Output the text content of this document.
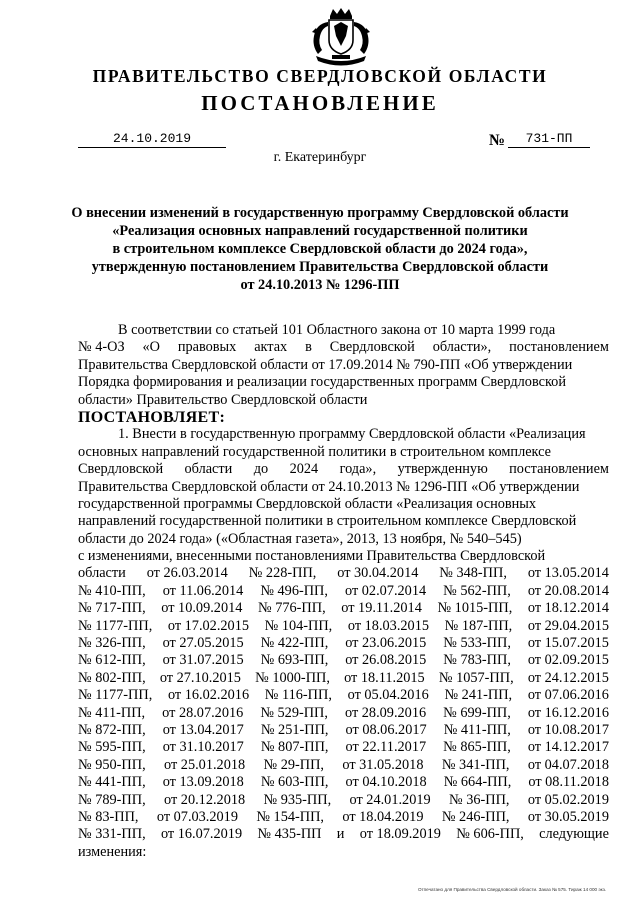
ПРАВИТЕЛЬСТВО СВЕРДЛОВСКОЙ ОБЛАСТИ
ПОСТАНОВЛЕНИЕ
24.10.2019	№	731-ПП
г. Екатеринбург
О внесении изменений в государственную программу Свердловской области
«Реализация основных направлений государственной политики
в строительном комплексе Свердловской области до 2024 года»,
утвержденную постановлением Правительства Свердловской области
от 24.10.2013 № 1296-ПП
В соответствии со статьей 101 Областного закона от 10 марта 1999 года
№ 4-ОЗ «О правовых актах в Свердловской области», постановлением
Правительства Свердловской области от 17.09.2014 № 790-ПП «Об утверждении
Порядка формирования и реализации государственных программ Свердловской
области» Правительство Свердловской области
ПОСТАНОВЛЯЕТ:
1. Внести в государственную программу Свердловской области «Реализация
основных направлений государственной политики в строительном комплексе
Свердловской области до 2024 года», утвержденную постановлением
Правительства Свердловской области от 24.10.2013 № 1296-ПП «Об утверждении
государственной программы Свердловской области «Реализация основных
направлений государственной политики в строительном комплексе Свердловской
области до 2024 года» («Областная газета», 2013, 13 ноября, № 540–545)
с изменениями, внесенными постановлениями Правительства Свердловской
области от 26.03.2014 № 228-ПП, от 30.04.2014 № 348-ПП, от 13.05.2014
№ 410-ПП, от 11.06.2014 № 496-ПП, от 02.07.2014 № 562-ПП, от 20.08.2014
№ 717-ПП, от 10.09.2014 № 776-ПП, от 19.11.2014 № 1015-ПП, от 18.12.2014
№ 1177-ПП, от 17.02.2015 № 104-ПП, от 18.03.2015 № 187-ПП, от 29.04.2015
№ 326-ПП, от 27.05.2015 № 422-ПП, от 23.06.2015 № 533-ПП, от 15.07.2015
№ 612-ПП, от 31.07.2015 № 693-ПП, от 26.08.2015 № 783-ПП, от 02.09.2015
№ 802-ПП, от 27.10.2015 № 1000-ПП, от 18.11.2015 № 1057-ПП, от 24.12.2015
№ 1177-ПП, от 16.02.2016 № 116-ПП, от 05.04.2016 № 241-ПП, от 07.06.2016
№ 411-ПП, от 28.07.2016 № 529-ПП, от 28.09.2016 № 699-ПП, от 16.12.2016
№ 872-ПП, от 13.04.2017 № 251-ПП, от 08.06.2017 № 411-ПП, от 10.08.2017
№ 595-ПП, от 31.10.2017 № 807-ПП, от 22.11.2017 № 865-ПП, от 14.12.2017
№ 950-ПП, от 25.01.2018 № 29-ПП, от 31.05.2018 № 341-ПП, от 04.07.2018
№ 441-ПП, от 13.09.2018 № 603-ПП, от 04.10.2018 № 664-ПП, от 08.11.2018
№ 789-ПП, от 20.12.2018 № 935-ПП, от 24.01.2019 № 36-ПП, от 05.02.2019
№ 83-ПП, от 07.03.2019 № 154-ПП, от 18.04.2019 № 246-ПП, от 30.05.2019
№ 331-ПП, от 16.07.2019 № 435-ПП и от 18.09.2019 № 606-ПП, следующие
изменения:
Отпечатано для Правительства Свердловской области. Заказ № 575. Тираж 14 000 экз.
